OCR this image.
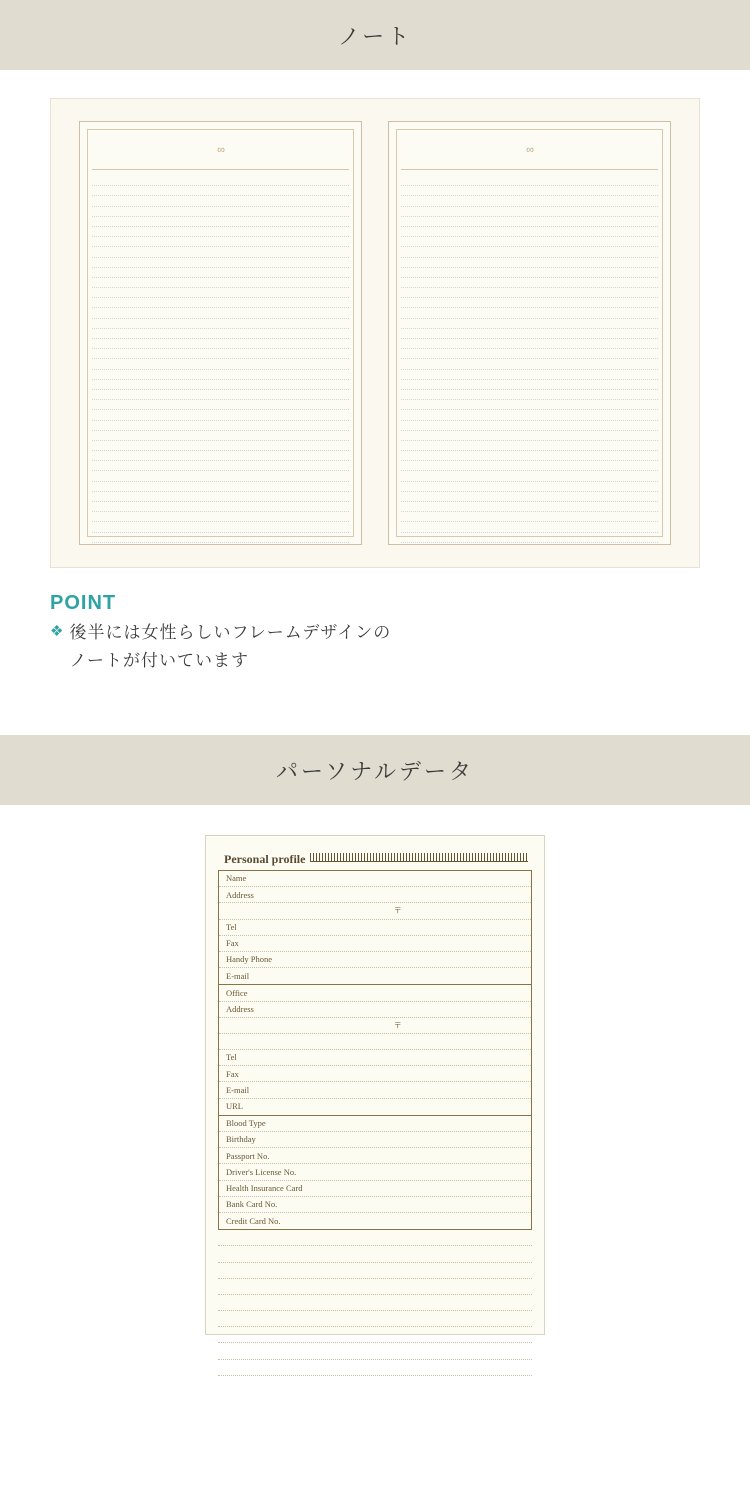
ノート
∞	∞
POINT
❖ 後半には女性らしいフレームデザインの
ノートが付いています
パーソナルデータ
Personal profile
Name
Address
〒
Tel
Fax
Handy Phone
E-mail
Office
Address
〒
Tel
Fax
E-mail
URL
Blood Type
Birthday
Passport No.
Driver's License No.
Health Insurance Card
Bank Card No.
Credit Card No.
